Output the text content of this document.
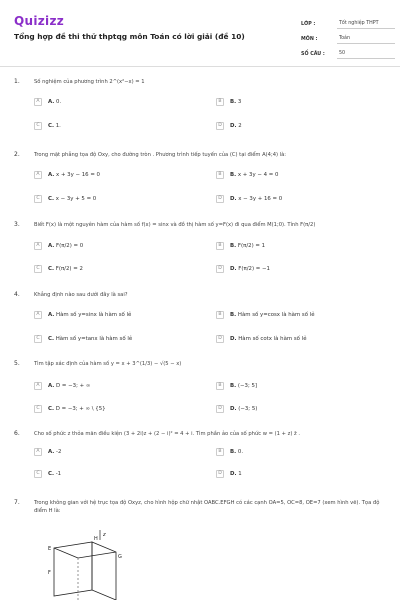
Quizizz
Tổng hợp đề thi thử thptqg môn Toán có lời giải (đề 10)
LỚP :	Tốt nghiệp THPT
MÔN :	Toán
SỐ CÂU :	50
1.	Số nghiệm của phương trình 2^(x²−x) = 1
A	A. 0.	B	B. 3
C	C. 1.	D	D. 2
2.	Trong mặt phẳng tọa độ Oxy, cho đường tròn . Phương trình tiếp tuyến của (C) tại điểm A(4;4) là:
A	A. x + 3y − 16 = 0	B	B. x + 3y − 4 = 0
C	C. x − 3y + 5 = 0	D	D. x − 3y + 16 = 0
3.	Biết F(x) là một nguyên hàm của hàm số f(x) = sinx và đồ thị hàm số y=F(x) đi qua điểm M(1;0). Tính F(π/2)
A	A. F(π/2) = 0	B	B. F(π/2) = 1
C	C. F(π/2) = 2	D	D. F(π/2) = −1
4.	Khẳng định nào sau dưới đây là sai?
A	A. Hàm số y=sinx là hàm số lẻ	B	B. Hàm số y=cosx là hàm số lẻ
C	C. Hàm số y=tanx là hàm số lẻ	D	D. Hàm số cotx là hàm số lẻ
5.	Tìm tập xác định của hàm số y = x + 3^(1/3) − √(5 − x)
A	A. D = −3; + ∞	B	B. (−3; 5]
C	C. D = −3; + ∞ \ {5}	D	D. (−3; 5)
6.	Cho số phức z thỏa mãn điều kiện (3 + 2i)z + (2 − i)² = 4 + i. Tìm phần ảo của số phức w = (1 + z) z̄ .
A	A. -2	B	B. 0.
C	C. -1	D	D. 1
7.	Trong không gian với hệ trục tọa độ Oxyz, cho hình hộp chữ nhật OABC.EFGH có các cạnh OA=5, OC=8, OE=7 (xem hình vẽ). Tọa độ điểm H là:
E
H
F
G
z
